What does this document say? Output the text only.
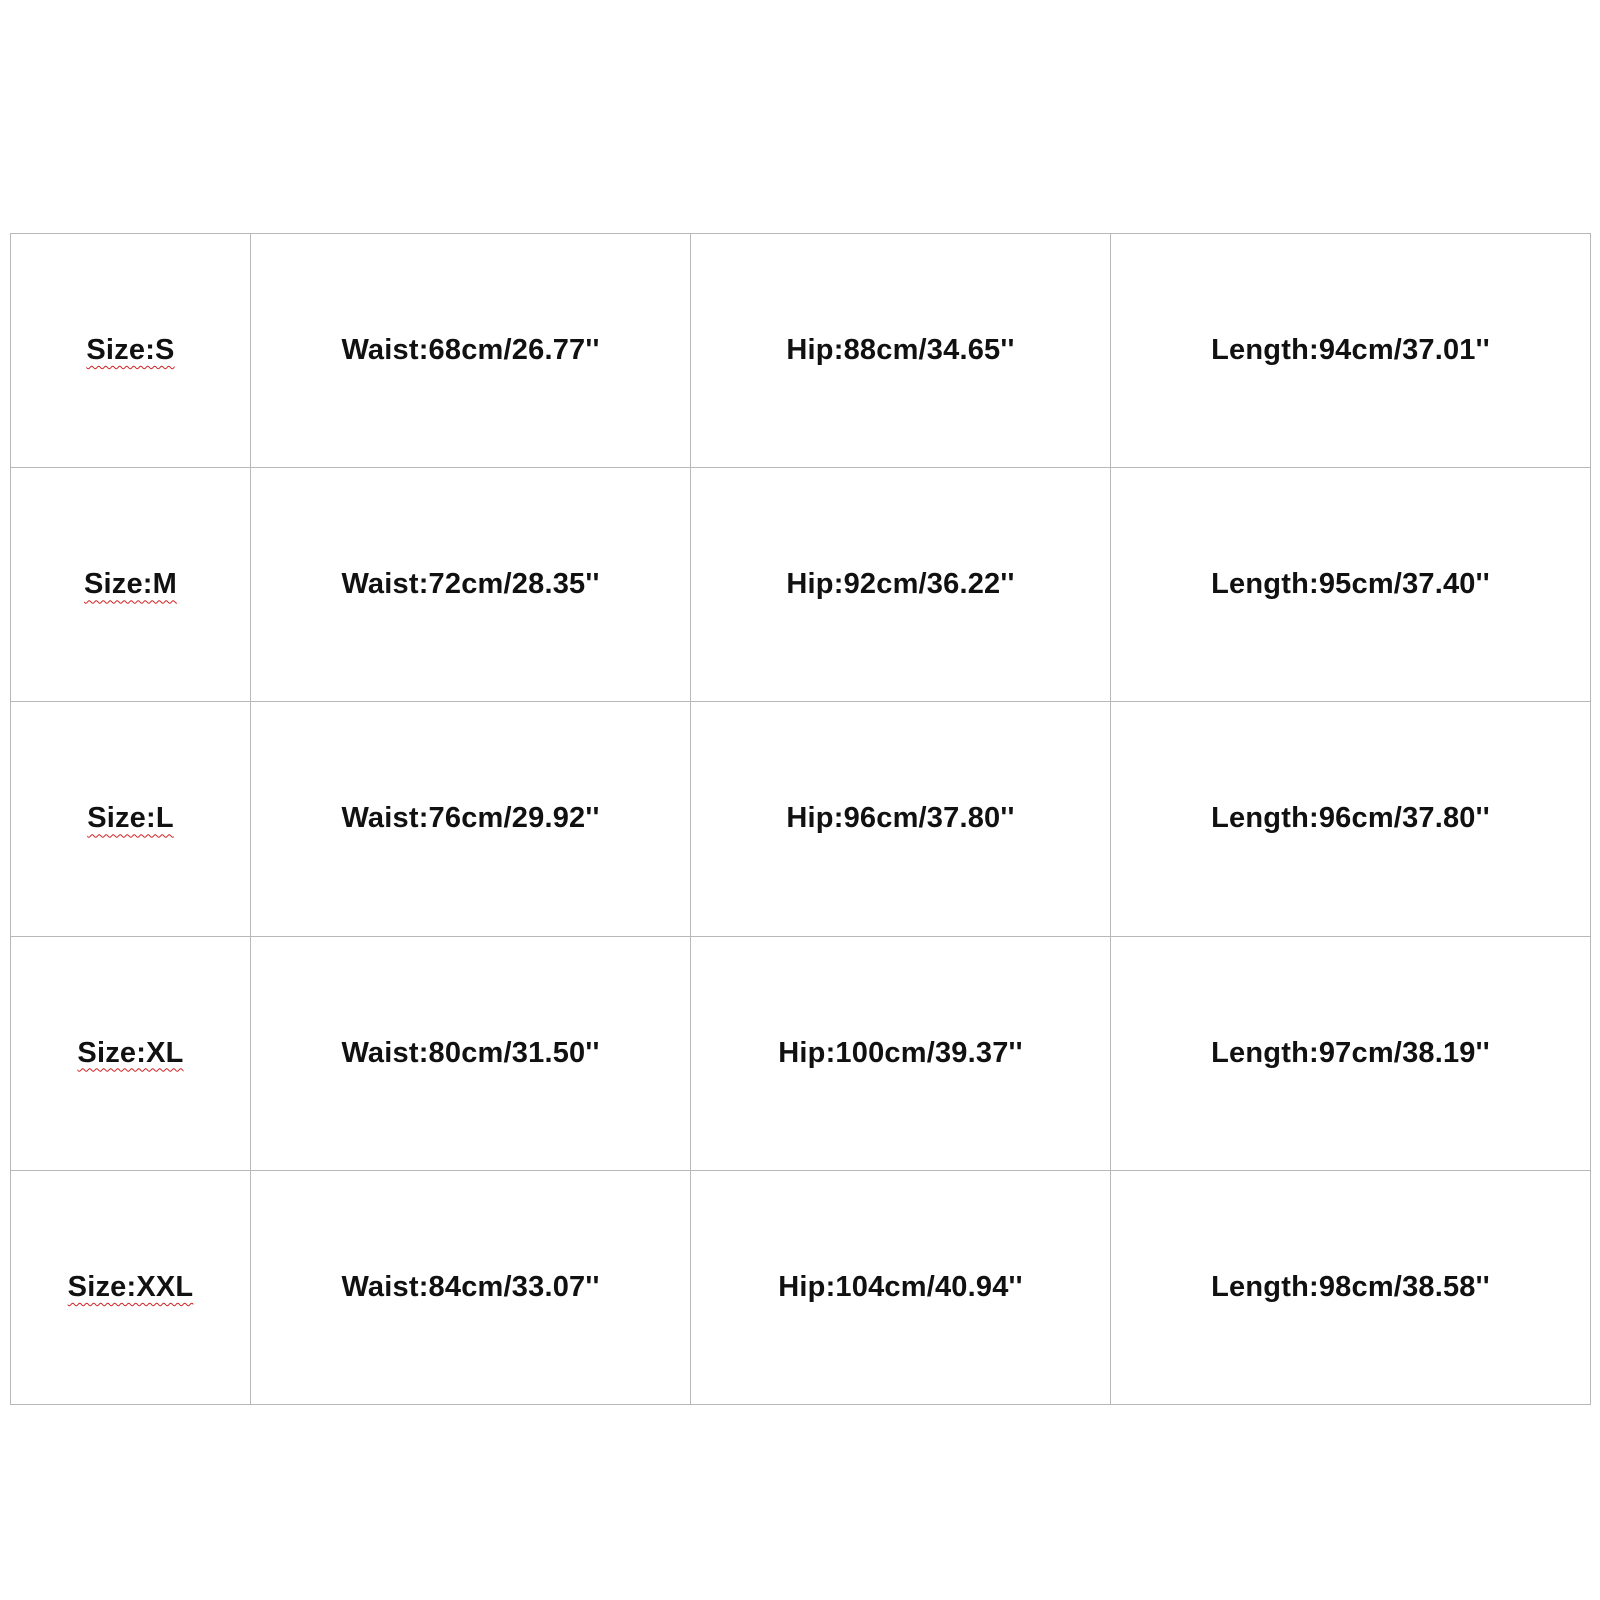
Size:S	Waist:68cm/26.77''	Hip:88cm/34.65''	Length:94cm/37.01''
Size:M	Waist:72cm/28.35''	Hip:92cm/36.22''	Length:95cm/37.40''
Size:L	Waist:76cm/29.92''	Hip:96cm/37.80''	Length:96cm/37.80''
Size:XL	Waist:80cm/31.50''	Hip:100cm/39.37''	Length:97cm/38.19''
Size:XXL	Waist:84cm/33.07''	Hip:104cm/40.94''	Length:98cm/38.58''
